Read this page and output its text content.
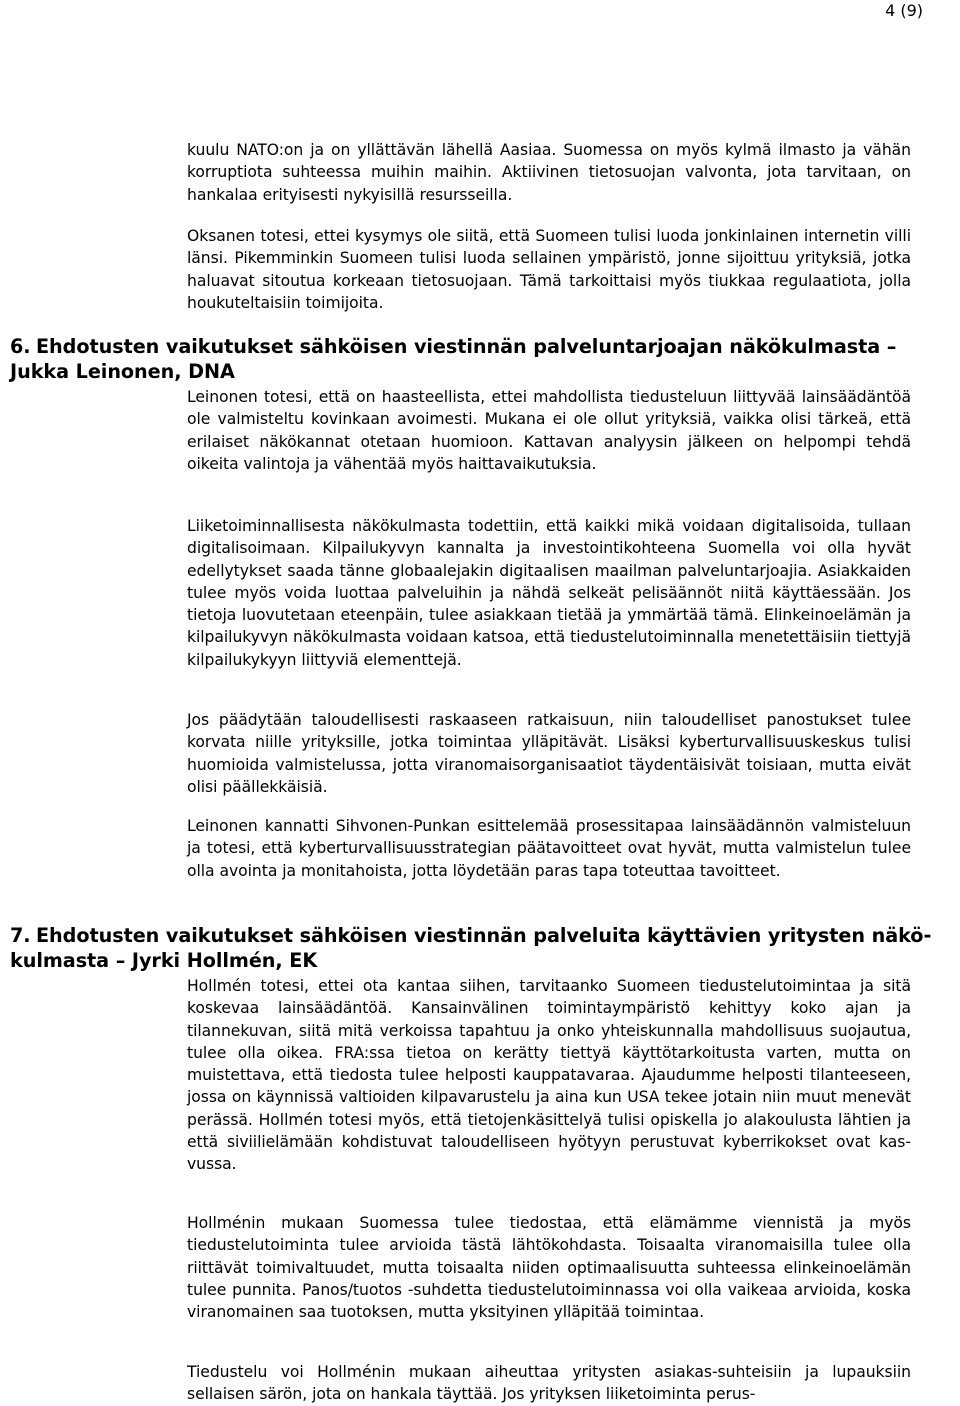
4 (9)

kuulu NATO:on ja on yllättävän lähellä Aasiaa. Suomessa on myös kylmä ilmasto ja vähän korruptiota suhteessa muihin maihin. Aktiivinen tietosuojan valvonta, jota tarvitaan, on hankalaa erityisesti nykyisillä resursseilla.

Oksanen totesi, ettei kysymys ole siitä, että Suomeen tulisi luoda jonkinlainen internetin villi länsi. Pikemminkin Suomeen tulisi luoda sellainen ympäristö, jonne sijoittuu yrityksiä, jotka haluavat sitoutua korkeaan tietosuojaan. Tämä tarkoittaisi myös tiukkaa regulaatiota, jolla houkuteltaisiin toimijoita.

6. Ehdotusten vaikutukset sähköisen viestinnän palveluntarjoajan näkökulmasta – Jukka Leinonen, DNA

Leinonen totesi, että on haasteellista, ettei mahdollista tiedusteluun liittyvää lainsäädäntöä ole valmisteltu kovinkaan avoimesti. Mukana ei ole ollut yrityksiä, vaikka olisi tärkeä, että erilaiset näkökannat otetaan huomioon. Kattavan analyysin jälkeen on helpompi tehdä oikeita valintoja ja vähentää myös haittavaikutuksia.

Liiketoiminnallisesta näkökulmasta todettiin, että kaikki mikä voidaan digitalisoida, tullaan digitalisoimaan. Kilpailukyvyn kannalta ja investointikohteena Suomella voi olla hyvät edellytykset saada tänne globaalejakin digitaalisen maailman palveluntarjoajia. Asiakkaiden tulee myös voida luottaa palveluihin ja nähdä selkeät pelisäännöt niitä käyttäessään. Jos tietoja luovutetaan eteenpäin, tulee asiakkaan tietää ja ymmärtää tämä. Elinkeinoelämän ja kilpailukyvyn näkökulmasta voidaan katsoa, että tiedustelutoiminnalla menetettäisiin tiettyjä kilpailukykyyn liittyviä elementtejä.

Jos päädytään taloudellisesti raskaaseen ratkaisuun, niin taloudelliset panostukset tulee korvata niille yrityksille, jotka toimintaa ylläpitävät. Lisäksi kyberturvallisuuskeskus tulisi huomioida valmistelussa, jotta viranomaisorganisaatiot täydentäisivät toisiaan, mutta eivät olisi päällekkäisiä.

Leinonen kannatti Sihvonen-Punkan esittelemää prosessitapaa lainsäädännön valmisteluun ja totesi, että kyberturvallisuusstrategian päätavoitteet ovat hyvät, mutta valmistelun tulee olla avointa ja monitahoista, jotta löydetään paras tapa toteuttaa tavoitteet.

7. Ehdotusten vaikutukset sähköisen viestinnän palveluita käyttävien yritysten näkökulmasta – Jyrki Hollmén, EK

Hollmén totesi, ettei ota kantaa siihen, tarvitaanko Suomeen tiedustelutoimintaa ja sitä koskevaa lainsäädäntöä. Kansainvälinen toimintaympäristö kehittyy koko ajan ja tilannekuvan, siitä mitä verkoissa tapahtuu ja onko yhteiskunnalla mahdollisuus suojautua, tulee olla oikea. FRA:ssa tietoa on kerätty tiettyä käyttötarkoitusta varten, mutta on muistettava, että tiedosta tulee helposti kauppatavaraa. Ajaudumme helposti tilanteeseen, jossa on käynnissä valtioiden kilpavarustelu ja aina kun USA tekee jotain niin muut menevät perässä. Hollmén totesi myös, että tietojenkäsittelyä tulisi opiskella jo alakoulusta lähtien ja että siviilielämään kohdistuvat taloudelliseen hyötyyn perustuvat kyberrikokset ovat kasvussa.

Hollménin mukaan Suomessa tulee tiedostaa, että elämämme viennistä ja myös tiedustelutoiminta tulee arvioida tästä lähtökohdasta. Toisaalta viranomaisilla tulee olla riittävät toimivaltuudet, mutta toisaalta niiden optimaalisuutta suhteessa elinkeinoelämän tulee punnita. Panos/tuotos -suhdetta tiedustelutoiminnassa voi olla vaikeaa arvioida, koska viranomainen saa tuotoksen, mutta yksityinen ylläpitää toimintaa.

Tiedustelu voi Hollménin mukaan aiheuttaa yritysten asiakas-suhteisiin ja lupauksiin sellaisen särön, jota on hankala täyttää. Jos yrityksen liiketoiminta perus-
